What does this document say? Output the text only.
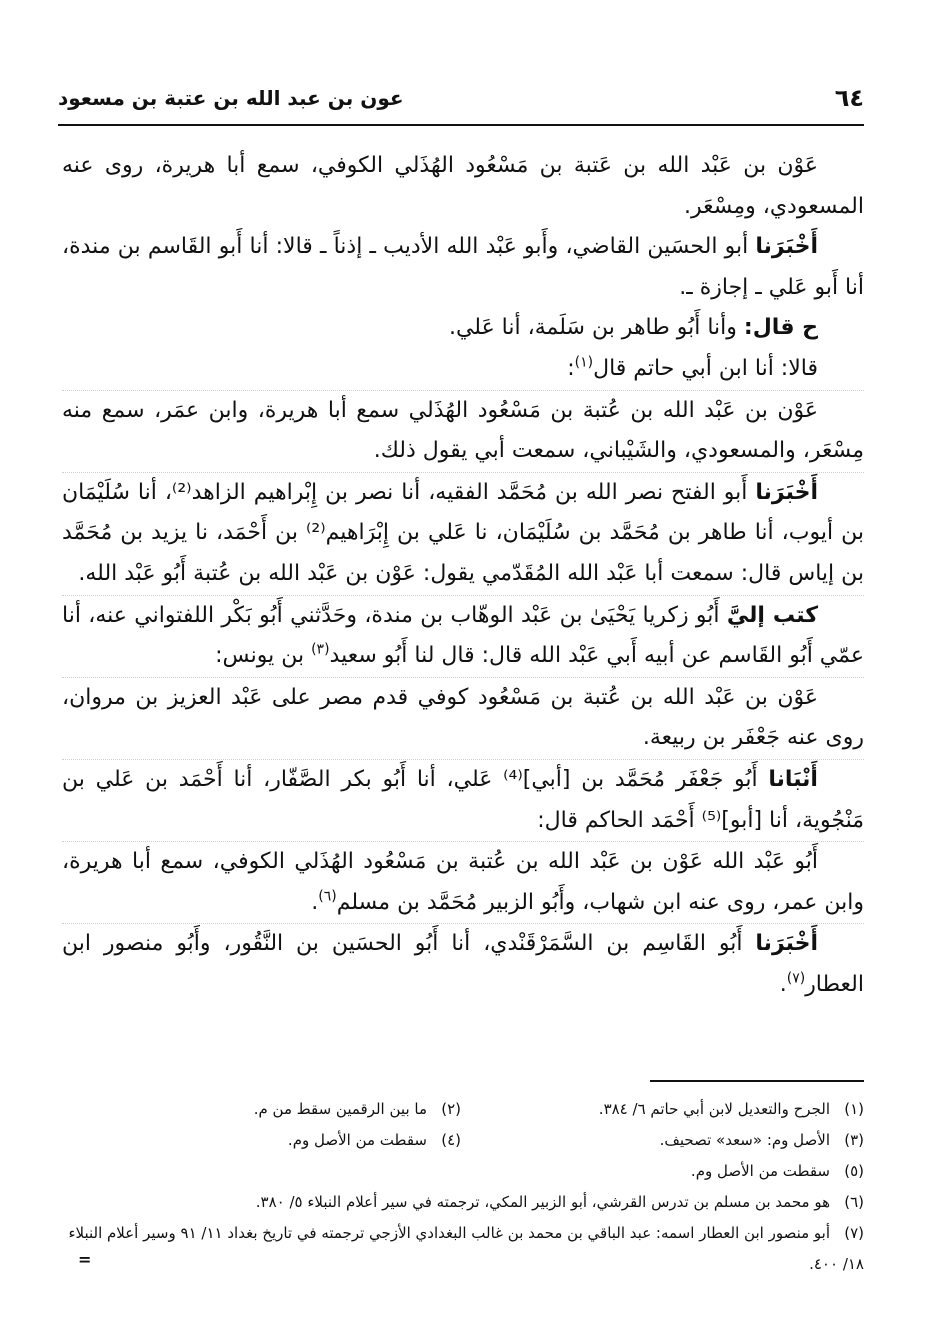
٦٤
عون بن عبد الله بن عتبة بن مسعود

عَوْن بن عَبْد الله بن عَتبة بن مَسْعُود الهُذَلي الكوفي، سمع أبا هريرة، روى عنه المسعودي، ومِسْعَر.

أَخْبَرَنا أبو الحسَين القاضي، وأَبو عَبْد الله الأديب ـ إذناً ـ قالا: أنا أَبو القَاسم بن مندة، أنا أَبو عَلي ـ إجازة ـ.

ح قال: وأنا أَبُو طاهر بن سَلَمة، أنا عَلي.

قالا: أنا ابن أبي حاتم قال$^{(١)}$:

عَوْن بن عَبْد الله بن عُتبة بن مَسْعُود الهُذَلي سمع أبا هريرة، وابن عمَر، سمع منه مِسْعَر، والمسعودي، والشَيْباني، سمعت أبي يقول ذلك.

أَخْبَرَنا أَبو الفتح نصر الله بن مُحَمَّد الفقيه، أنا نصر بن إِبْراهيم الزاهد⁽²⁾، أنا سُلَيْمَان بن أيوب، أنا طاهر بن مُحَمَّد بن سُلَيْمَان، نا عَلي بن إِبْرَاهيم⁽²⁾ بن أَحْمَد، نا يزيد بن مُحَمَّد بن إياس قال: سمعت أبا عَبْد الله المُقَدّمي يقول: عَوْن بن عَبْد الله بن عُتبة أَبُو عَبْد الله.

كتب إليَّ أَبُو زكريا يَحْيَىٰ بن عَبْد الوهّاب بن مندة، وحَدَّثني أَبُو بَكْر اللفتواني عنه، أنا عمّي أَبُو القَاسم عن أبيه أَبي عَبْد الله قال: قال لنا أَبُو سعيد$^{(٣)}$ بن يونس:

عَوْن بن عَبْد الله بن عُتبة بن مَسْعُود كوفي قدم مصر على عَبْد العزيز بن مروان، روى عنه جَعْفَر بن ربيعة.

أَنْبَانا أَبُو جَعْفَر مُحَمَّد بن [أبي]⁽⁴⁾ عَلي، أنا أَبُو بكر الصَّفّار، أنا أَحْمَد بن عَلي بن مَنْجُوية، أنا [أبو]⁽⁵⁾ أَحْمَد الحاكم قال:

أَبُو عَبْد الله عَوْن بن عَبْد الله بن عُتبة بن مَسْعُود الهُذَلي الكوفي، سمع أبا هريرة، وابن عمر، روى عنه ابن شهاب، وأَبُو الزبير مُحَمَّد بن مسلم$^{(٦)}$.

أَخْبَرَنا أَبُو القَاسِم بن السَّمَرْقَنْدي، أنا أَبُو الحسَين بن النَّقُور، وأَبُو منصور ابن العطار$^{(٧)}$.

(١)الجرح والتعديل لابن أبي حاتم ٦/ ٣٨٤.
(٢)ما بين الرقمين سقط من م.
(٣)الأصل وم: «سعد» تصحيف.
(٤)سقطت من الأصل وم.
(٥)سقطت من الأصل وم.
(٦)هو محمد بن مسلم بن تدرس القرشي، أبو الزبير المكي، ترجمته في سير أعلام النبلاء ٥/ ٣٨٠.
(٧)أبو منصور ابن العطار اسمه: عبد الباقي بن محمد بن غالب البغدادي الأزجي ترجمته في تاريخ بغداد ١١/ ٩١ وسير أعلام النبلاء ١٨/ ٤٠٠.
=
